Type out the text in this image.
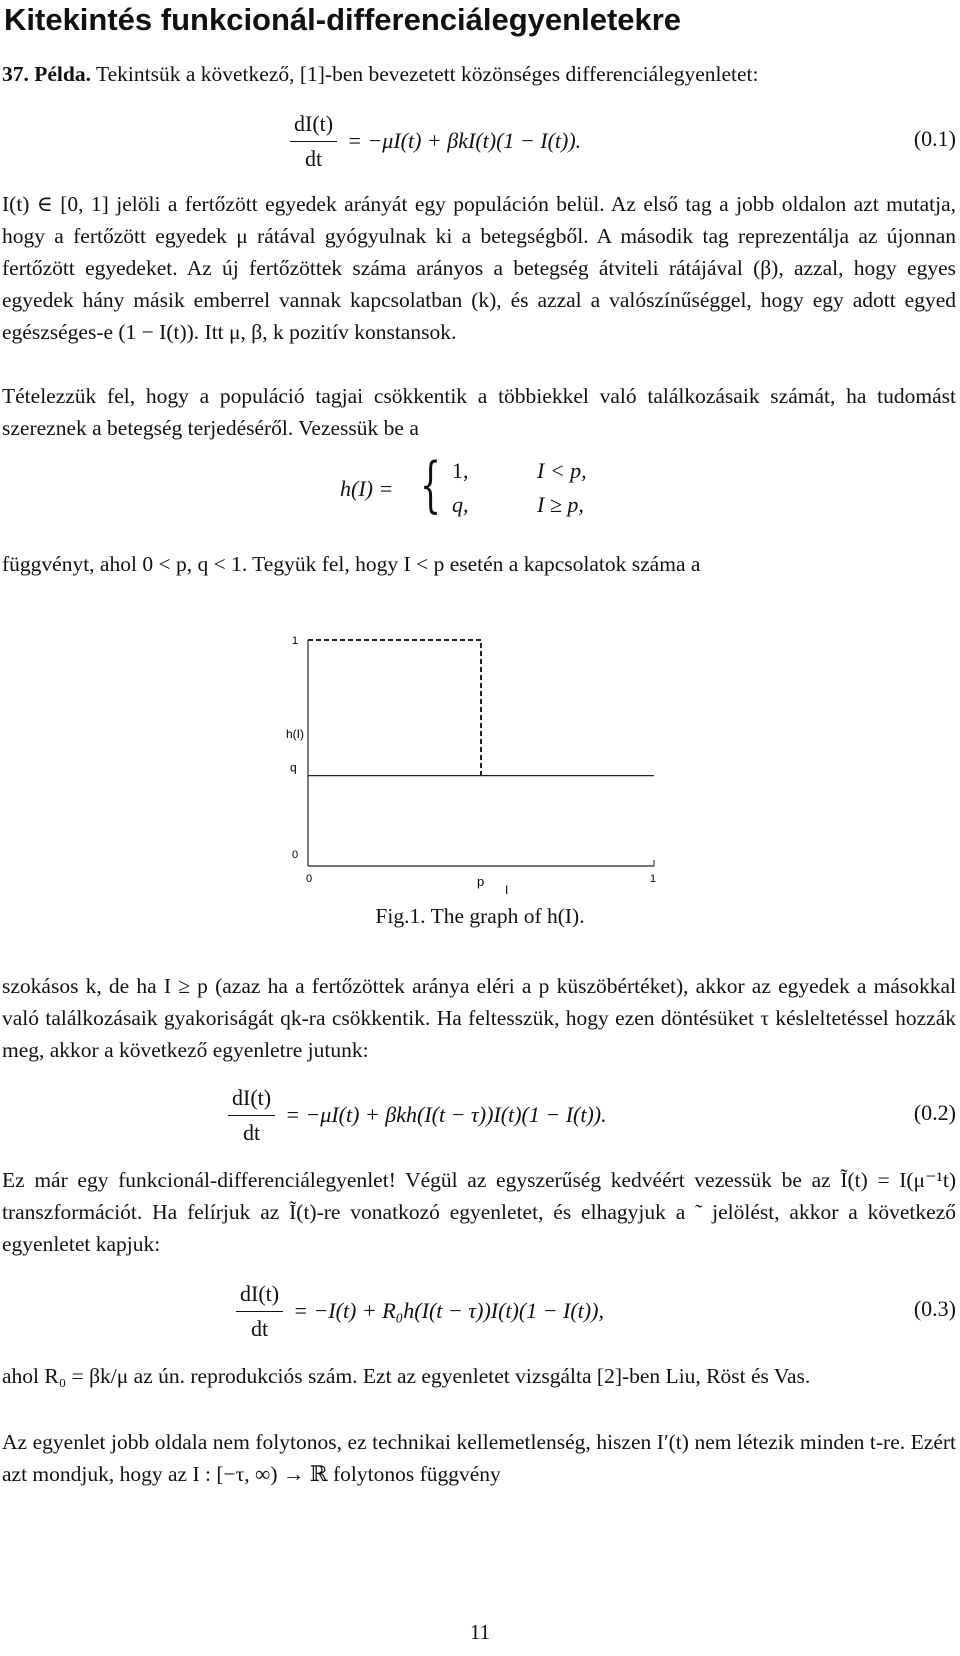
Kitekintés funkcionál-differenciálegyenletekre
37. Példa. Tekintsük a következő, [1]-ben bevezetett közönséges differenciálegyenletet:
$\frac{dI(t)}{dt} = -\mu I(t) + \beta kI(t)(1 - I(t))$.	(0.1)
I(t) ∈ [0, 1] jelöli a fertőzött egyedek arányát egy populáción belül. Az első tag a jobb oldalon azt mutatja, hogy a fertőzött egyedek μ rátával gyógyulnak ki a betegségből. A második tag reprezentálja az újonnan fertőzött egyedeket. Az új fertőzöttek száma arányos a betegség átviteli rátájával (β), azzal, hogy egyes egyedek hány másik emberrel vannak kapcsolatban (k), és azzal a valószínűséggel, hogy egy adott egyed egészséges-e (1 − I(t)). Itt μ, β, k pozitív konstansok.
Tételezzük fel, hogy a populáció tagjai csökkentik a többiekkel való találkozásaik számát, ha tudomást szereznek a betegség terjedéséről. Vezessük be a
h(I) = { 1,	I < p,
q,	I ≥ p,
függvényt, ahol 0 < p, q < 1. Tegyük fel, hogy I < p esetén a kapcsolatok száma a
1
h(I)
q
0
0	p	1
I
Fig.1. The graph of h(I).
szokásos k, de ha I ≥ p (azaz ha a fertőzöttek aránya eléri a p küszöbértéket), akkor az egyedek a másokkal való találkozásaik gyakoriságát qk-ra csökkentik. Ha feltesszük, hogy ezen döntésüket τ késleltetéssel hozzák meg, akkor a következő egyenletre jutunk:
$\frac{dI(t)}{dt} = -\mu I(t) + \beta kh(I(t - \tau))I(t)(1 - I(t))$.	(0.2)
Ez már egy funkcionál-differenciálegyenlet! Végül az egyszerűség kedvéért vezessük be az Ĩ(t) = I(μ⁻¹t) transzformációt. Ha felírjuk az Ĩ(t)-re vonatkozó egyenletet, és elhagyjuk a ˜ jelölést, akkor a következő egyenletet kapjuk:
$\frac{dI(t)}{dt} = -I(t) + R_0h(I(t - \tau))I(t)(1 - I(t))$,	(0.3)
ahol R₀ = βk/μ az ún. reprodukciós szám. Ezt az egyenletet vizsgálta [2]-ben Liu, Röst és Vas.
Az egyenlet jobb oldala nem folytonos, ez technikai kellemetlenség, hiszen I′(t) nem létezik minden t-re. Ezért azt mondjuk, hogy az I : [−τ, ∞) → ℝ folytonos függvény
11
